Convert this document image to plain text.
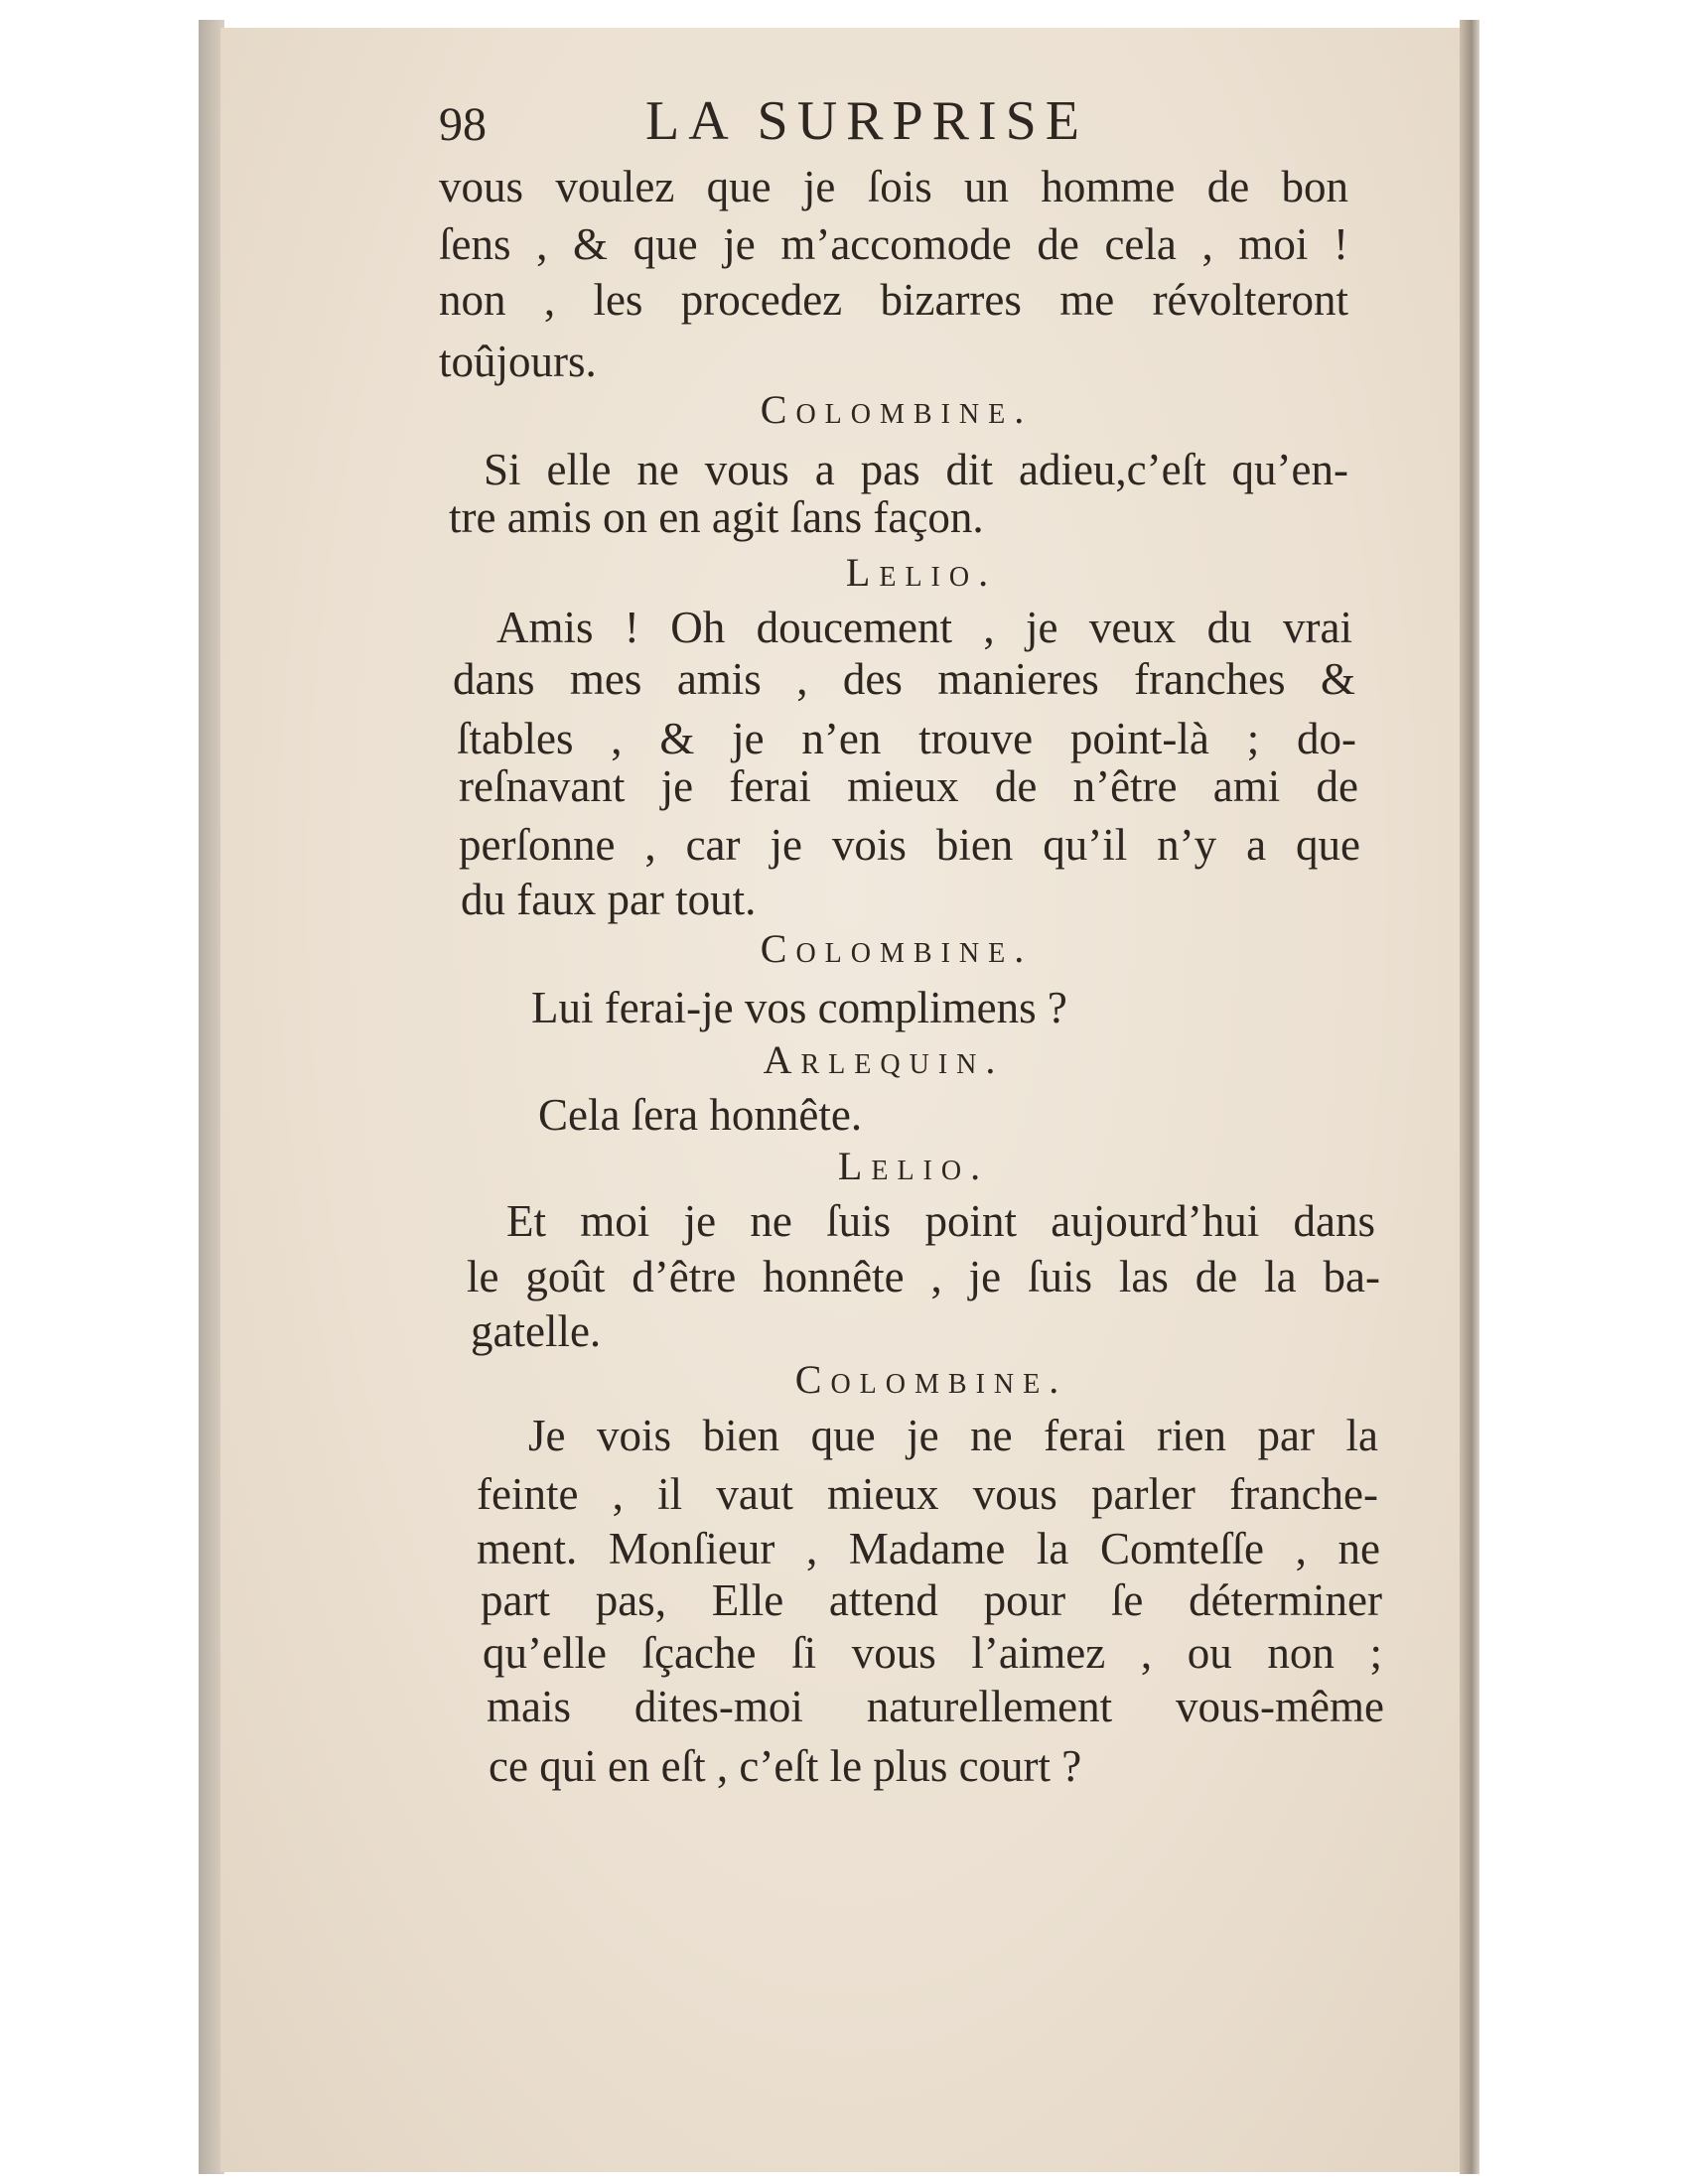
98	LA SURPRISE
vous voulez que je ſois un homme de bon
ſens , & que je m’accomode de cela , moi !
non , les procedez bizarres me révolteront
toûjours.
Colombine.
Si elle ne vous a pas dit adieu,c’eſt qu’en-
tre amis on en agit ſans façon.
Lelio.
Amis ! Oh doucement , je veux du vrai
dans mes amis , des manieres franches &
ſtables , & je n’en trouve point-là ; do-
reſnavant je ferai mieux de n’être ami de
perſonne , car je vois bien qu’il n’y a que
du faux par tout.
Colombine.
Lui ferai-je vos complimens ?
Arlequin.
Cela ſera honnête.
Lelio.
Et moi je ne ſuis point aujourd’hui dans
le goût d’être honnête , je ſuis las de la ba-
gatelle.
Colombine.
Je vois bien que je ne ferai rien par la
feinte , il vaut mieux vous parler franche-
ment. Monſieur , Madame la Comteſſe , ne
part pas, Elle attend pour ſe déterminer
qu’elle ſçache ſi vous l’aimez , ou non ;
mais dites-moi naturellement vous-même
ce qui en eſt , c’eſt le plus court ?
